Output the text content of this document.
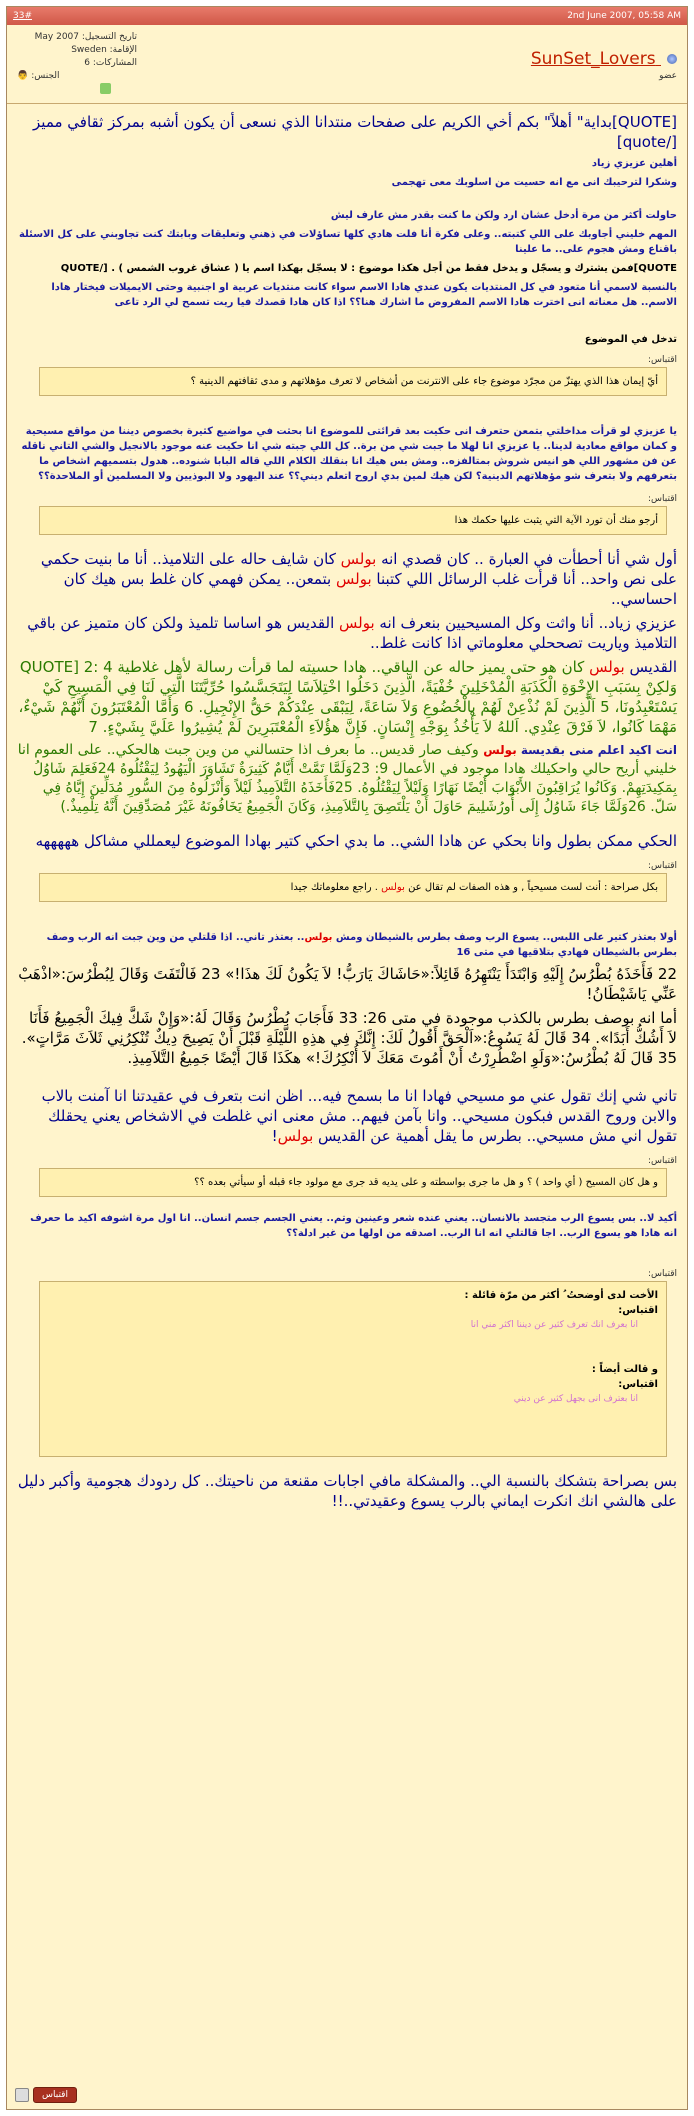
33#	2nd June 2007, 05:58 AM
تاريخ التسجيل: May 2007
الإقامة: Sweden
المشاركات: 6
الجنس:
👨
SunSet_Lovers
عضو

[QUOTE]بداية" أهلاً" بكم أخي الكريم على صفحات منتدانا الذي نسعى أن يكون أشبه بمركز ثقافي مميز [/quote]

أهلين عزيزي زياد

وشكرا لترحيبك انى مع انه حسيت من اسلوبك معى تهجمى

حاولت أكثر من مرة أدخل عشان ارد ولكن ما كنت بقدر مش عارف ليش

المهم خليني أجاوبك على اللي كتبته.. وعلى فكرة أنا فلت هادي كلها تساؤلات في ذهني وتعليقات وبابتك كنت تجاوبني على كل الاسئلة باقناع ومش هجوم على.. ما علينا

QUOTE]فمن يشترك و يسجّل و يدخل فقط من أجل هكذا موضوع : لا يسجّل بهكذا اسم يا ( عشاق غروب الشمس ) . [/QUOTE

بالنسبة لاسمي أنا متعود في كل المنتديات يكون عندي هادا الاسم سواء كانت منتديات عربية او اجنبية وحتى الايميلات فيختار هادا الاسم.. هل معناته انى اخترت هادا الاسم المفروض ما اشارك هنا؟؟ اذا كان هادا قصدك فيا ريت تسمح لي الرد تاعى

تدخل في الموضوع

اقتباس:
أيّ إيمان هذا الذي يهتزّ من مجرّد موضوع جاء على الانترنت من أشخاص لا تعرف مؤهلاتهم و مدى ثقافتهم الدينية ؟

يا عزيزي لو قرأت مداخلتي بتمعن حتعرف انى حكيت بعد قرائتى للموضوع انا بحثت في مواضيع كثيرة بخصوص ديننا من مواقع مسيحية و كمان مواقع معادية لدينا.. يا عزيزي انا لهلا ما جبت شي من برة.. كل اللي جبته شي انا حكيت عنه موجود بالانجيل والشي التاني ناقله عن فن مشهور اللي هو انيس شروش بمتالفزه.. ومش بس هيك انا بنقلك الكلام اللي قاله البابا شنوده.. هدول بتسميهم اشخاص ما بتعرفهم ولا بتعرف شو مؤهلاتهم الدينية؟ لكن هيك لمين بدي اروح اتعلم ديني؟؟ عند اليهود ولا البوذيين ولا المسلمين أو الملاحدة؟؟

اقتباس:
أرجو منك أن تورد الآية التي يثبت عليها حكمك هذا

أول شي أنا أحطأت في العبارة .. كان قصدي انه بولس كان شايف حاله على التلاميذ.. أنا ما بنيت حكمي على نص واحد.. أنا قرأت غلب الرسائل اللي كتبنا بولس بتمعن.. يمكن فهمي كان غلط بس هيك كان احساسي..

عزيزي زياد.. أنا واثت وكل المسيحيين بنعرف انه بولس القديس هو اساسا تلميذ ولكن كان متميز عن باقي التلاميذ وياريت تصححلي معلوماتي اذا كانت غلط..

القديس بولس كان هو حتى يميز حاله عن الباقي.. هادا حسيته لما قرأت رسالة لأهل غلاطية QUOTE] 2: 4 وَلكِنْ بِسَبَبِ الإِخْوَةِ الْكَذَبَةِ الْمُدْخَلِينَ خُفْيَةً، الَّذِينَ دَخَلُوا اخْتِلاَسًا لِيَتَجَسَّسُوا حُرِّيَّتَنَا الَّتِي لَنَا فِي الْمَسِيحِ كَيْ يَسْتَعْبِدُونَا، 5 اَلَّذِينَ لَمْ نُذْعِنْ لَهُمْ بِالْخُضُوعِ وَلاَ سَاعَةً، لِيَبْقَى عِنْدَكُمْ حَقُّ الإِنْجِيلِ. 6 وَأَمَّا الْمُعْتَبَرُونَ أَنَّهُمْ شَيْءٌ، مَهْمَا كَانُوا، لاَ فَرْقَ عِنْدِي. اَللهُ لاَ يَأْخُذُ بِوَجْهِ إِنْسَانٍ. فَإِنَّ هؤُلاَءِ الْمُعْتَبَرِينَ لَمْ يُشِيرُوا عَلَيَّ بِشَيْءٍ. 7

انت اكيد اعلم منى بقديسة بولس وكيف صار قديس.. ما بعرف اذا حتسالني من وين جبت هالحكي.. على العموم انا خليني أريح حالي واحكيلك هادا موجود في الأعمال 9: 23وَلَمَّا تَمَّتْ أَيَّامٌ كَثِيرَةٌ تَشَاوَرَ الْيَهُودُ لِيَقْتُلُوهُ 24فَعَلِمَ شَاوُلُ بِمَكِيدَتِهِمْ. وَكَانُوا يُرَاقِبُونَ الأَبْوَابَ أَيْضًا نَهَارًا وَلَيْلاً لِيَقْتُلُوهُ. 25فَأَخَذَهُ التَّلاَمِيذُ لَيْلاً وَأَنْزَلُوهُ مِنَ السُّورِ مُدَلِّينَ إِيَّاهُ فِي سَلّ. 26وَلَمَّا جَاءَ شَاوُلُ إِلَى أُورُشَلِيمَ حَاوَلَ أَنْ يَلْتَصِقَ بِالتَّلاَمِيذِ، وَكَانَ الْجَمِيعُ يَخَافُونَهُ غَيْرَ مُصَدِّقِينَ أَنَّهُ تِلْمِيذٌ.)

الحكي ممكن بطول وانا بحكي عن هادا الشي.. ما بدي احكي كتير بهادا الموضوع ليعمللي مشاكل هههههه

اقتباس:
بكل صراحة : أنت لست مسيحياً , و هذه الصفات لم تقال عن بولس . راجع معلوماتك جيدا

أولا بعتذر كتير على اللبس.. يسوع الرب وصف بطرس بالشيطان ومش بولس.. بعتذر تاني.. اذا قلتلي من وين جبت انه الرب وصف بطرس بالشيطان فهادي بتلاقيها في متى 16

22 فَأَخَذَهُ بُطْرُسُ إِلَيْهِ وَابْتَدَأَ يَنْتَهِرُهُ قَائِلاً:«حَاشَاكَ يَارَبُّ! لاَ يَكُونُ لَكَ هذَا!» 23 فَالْتَفَتَ وَقَالَ لِبُطْرُسَ:«اذْهَبْ عَنِّي يَاشَيْطَانُ!

أما انه بوصف بطرس بالكذب موجودة في متى 26: 33 فَأَجَابَ بُطْرُسُ وَقَالَ لَهُ:«وَإِنْ شَكَّ فِيكَ الْجَمِيعُ فَأَنَا لاَ أَشُكُّ أَبَدًا». 34 قَالَ لَهُ يَسُوعُ:«اَلْحَقَّ أَقُولُ لَكَ: إِنَّكَ فِي هذِهِ اللَّيْلَةِ قَبْلَ أَنْ يَصِيحَ دِيكٌ تُنْكِرُنِي ثَلاَثَ مَرَّاتٍ». 35 قَالَ لَهُ بُطْرُسُ:«وَلَوِ اضْطُرِرْتُ أَنْ أَمُوتَ مَعَكَ لاَ أُنْكِرُكَ!» هكَذَا قَالَ أَيْضًا جَمِيعُ التَّلاَمِيذِ.

تاني شي إنك تقول عني مو مسيحي فهادا انا ما بسمح فيه... اظن انت بتعرف في عقيدتنا انا آمنت بالاب والابن وروح القدس فبكون مسيحي.. وانا بآمن فيهم.. مش معنى اني غلطت في الاشخاص يعني يحقلك تقول اني مش مسيحي.. بطرس ما يقل أهمية عن القديس بولس!

اقتباس:
و هل كان المسيح ( أي واحد ) ؟ و هل ما جرى بواسطته و على يديه قد جرى مع مولود جاء قبله أو سيأتي بعده ؟؟

أكيد لا.. بس يسوع الرب متجسد بالانسان.. يعني عنده شعر وعينين وتم.. يعني الجسم جسم انسان.. انا اول مرة اشوفه اكيد ما حعرف انه هادا هو يسوع الرب.. اجا قالتلي انه انا الرب.. اصدقه من اولها من غير ادلة؟؟

اقتباس:
الأخت لدى أوضحتُ ُ أكثر من مرّة قائلة :
اقتباس:
انا بعرف انك تعرف كثير عن ديننا اكثر مني انا
و قالت أيضاً :
اقتباس:
انا بعترف انى بجهل كثير عن ديني

بس بصراحة بتشكك بالنسبة الي.. والمشكلة مافي اجابات مقنعة من ناحيتك.. كل ردودك هجومية وأكبر دليل على هالشي انك انكرت ايماني بالرب يسوع وعقيدتي..!!

اقتباس
